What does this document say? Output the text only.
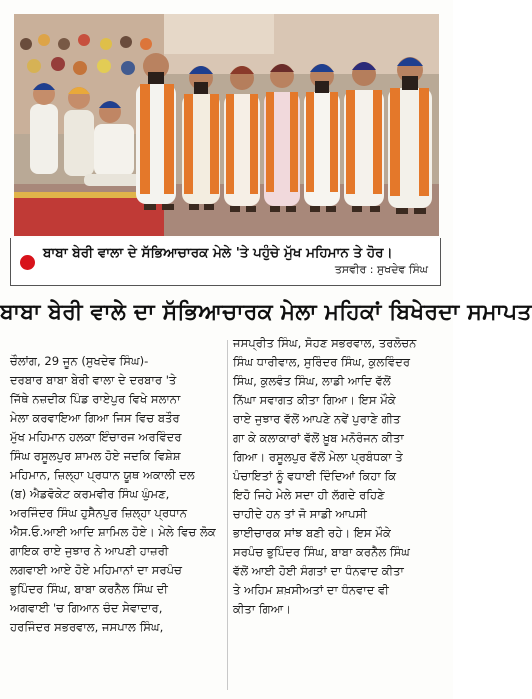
ਬਾਬਾ ਬੇਰੀ ਵਾਲਾ ਦੇ ਸੱਭਿਆਚਾਰਕ ਮੇਲੇ 'ਤੇ ਪਹੁੰਚੇ ਮੁੱਖ ਮਹਿਮਾਨ ਤੇ ਹੋਰ।
ਤਸਵੀਰ : ਸੁਖਦੇਵ ਸਿੰਘ
ਬਾਬਾ ਬੇਰੀ ਵਾਲੇ ਦਾ ਸੱਭਿਆਚਾਰਕ ਮੇਲਾ ਮਹਿਕਾਂ ਬਿਖੇਰਦਾ ਸਮਾਪਤ
ਚੌਲਾਂਗ, 29 ਜੂਨ (ਸੁਖਦੇਵ ਸਿੰਘ)-
ਦਰਬਾਰ ਬਾਬਾ ਬੇਰੀ ਵਾਲਾ ਦੇ ਦਰਬਾਰ 'ਤੇ
ਜਿੱਥੇ ਨਜ਼ਦੀਕ ਪਿੰਡ ਰਾਏਪੁਰ ਵਿਖੇ ਸਲਾਨਾ
ਮੇਲਾ ਕਰਵਾਇਆ ਗਿਆ ਜਿਸ ਵਿਚ ਬਤੌਰ
ਮੁੱਖ ਮਹਿਮਾਨ ਹਲਕਾ ਇੰਚਾਰਜ ਅਰਵਿੰਦਰ
ਸਿੰਘ ਰਸੂਲਪੁਰ ਸ਼ਾਮਲ ਹੋਏ ਜਦਕਿ ਵਿਸ਼ੇਸ਼
ਮਹਿਮਾਨ, ਜ਼ਿਲ੍ਹਾ ਪ੍ਰਧਾਨ ਯੂਥ ਅਕਾਲੀ ਦਲ
(ਬ) ਐਡਵੋਕੇਟ ਕਰਮਵੀਰ ਸਿੰਘ ਘੁੰਮਣ,
ਅਰਜਿੰਦਰ ਸਿੰਘ ਹੁਸੈਨਪੁਰ ਜ਼ਿਲ੍ਹਾ ਪ੍ਰਧਾਨ
ਐਸ.ਓ.ਆਈ ਆਦਿ ਸ਼ਾਮਿਲ ਹੋਏ। ਮੇਲੇ ਵਿਚ ਲੋਕ
ਗਾਇਕ ਰਾਏ ਜੁਝਾਰ ਨੇ ਆਪਣੀ ਹਾਜ਼ਰੀ
ਲਗਵਾਈ ਆਏ ਹੋਏ ਮਹਿਮਾਨਾਂ ਦਾ ਸਰਪੰਚ
ਭੁਪਿੰਦਰ ਸਿੰਘ, ਬਾਬਾ ਕਰਨੈਲ ਸਿੰਘ ਦੀ
ਅਗਵਾਈ 'ਚ ਗਿਆਨ ਚੰਦ ਸੇਵਾਦਾਰ,
ਹਰਜਿੰਦਰ ਸਭਰਵਾਲ, ਜਸਪਾਲ ਸਿੰਘ,
ਜਸਪ੍ਰੀਤ ਸਿੰਘ, ਸੋਹਣ ਸਭਰਵਾਲ, ਤਰਲੋਚਨ
ਸਿੰਘ ਧਾਰੀਵਾਲ, ਸੁਰਿੰਦਰ ਸਿੰਘ, ਕੁਲਵਿੰਦਰ
ਸਿੰਘ, ਕੁਲਵੰਤ ਸਿੰਘ, ਲਾਡੀ ਆਦਿ ਵੱਲੋਂ
ਨਿੱਘਾ ਸਵਾਗਤ ਕੀਤਾ ਗਿਆ। ਇਸ ਮੌਕੇ
ਰਾਏ ਜੁਝਾਰ ਵੱਲੋਂ ਆਪਣੇ ਨਵੇਂ ਪੁਰਾਣੇ ਗੀਤ
ਗਾ ਕੇ ਕਲਾਕਾਰਾਂ ਵੱਲੋਂ ਖ਼ੂਬ ਮਨੋਰੰਜਨ ਕੀਤਾ
ਗਿਆ। ਰਸੂਲਪੁਰ ਵੱਲੋਂ ਮੇਲਾ ਪ੍ਰਬੰਧਕਾ ਤੇ
ਪੰਚਾਇਤਾਂ ਨੂੰ ਵਧਾਈ ਦਿੰਦਿਆਂ ਕਿਹਾ ਕਿ
ਇਹੋ ਜਿਹੇ ਮੇਲੇ ਸਦਾ ਹੀ ਲੱਗਦੇ ਰਹਿਣੇ
ਚਾਹੀਦੇ ਹਨ ਤਾਂ ਜੋ ਸਾਡੀ ਆਪਸੀ
ਭਾਈਚਾਰਕ ਸਾਂਝ ਬਣੀ ਰਹੇ। ਇਸ ਮੌਕੇ
ਸਰਪੰਚ ਭੁਪਿੰਦਰ ਸਿੰਘ, ਬਾਬਾ ਕਰਨੈਲ ਸਿੰਘ
ਵੱਲੋਂ ਆਈ ਹੋਈ ਸੰਗਤਾਂ ਦਾ ਧੰਨਵਾਦ ਕੀਤਾ
ਤੇ ਅਹਿਮ ਸ਼ਖ਼ਸੀਅਤਾਂ ਦਾ ਧੰਨਵਾਦ ਵੀ
ਕੀਤਾ ਗਿਆ।
